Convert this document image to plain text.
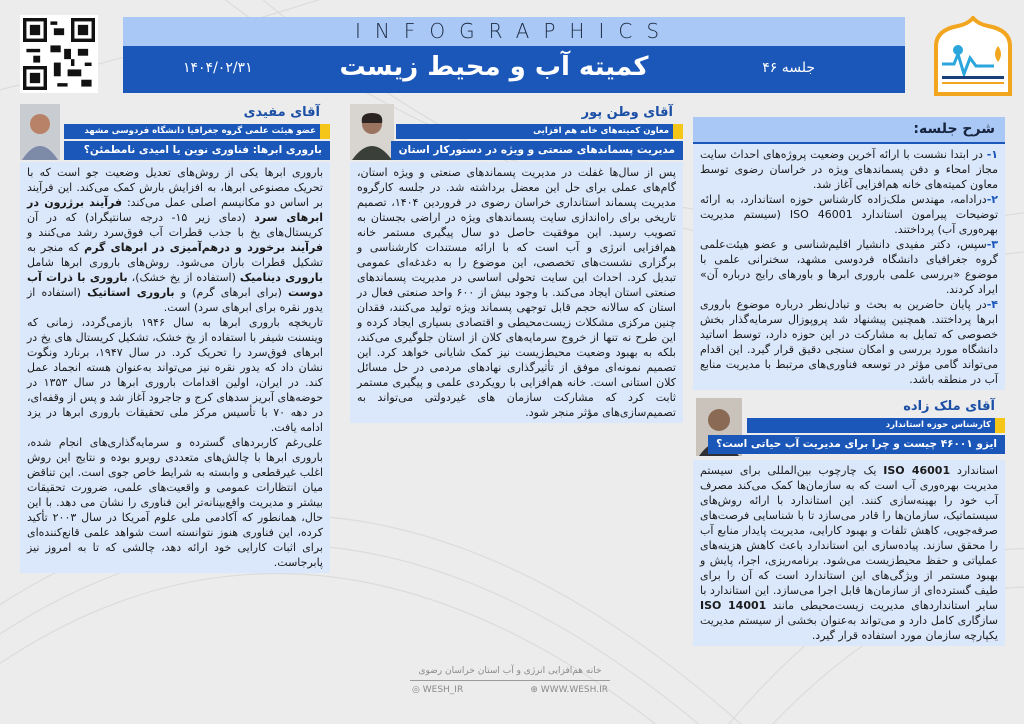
INFOGRAPHICS
۱۴۰۴/۰۲/۳۱	کمیته آب و محیط زیست	جلسه ۴۶
شرح جلسه:
۱- در ابتدا نشست با ارائه آخرین وضعیت پروژه‌های احداث سایت مجاز امحاء و دفن پسماندهای ویژه در خراسان رضوی توسط معاون کمیته‌های خانه هم‌افزایی آغاز شد.
۲-درادامه، مهندس ملک‌زاده کارشناس حوزه استاندارد، به ارائه توضیحات پیرامون استاندارد ISO 46001 (سیستم مدیریت بهره‌وری آب) پرداختند.
۳-سپس، دکتر مفیدی دانشیار اقلیم‌شناسی و عضو هیئت‌علمی گروه جغرافیای دانشگاه فردوسی مشهد، سخنرانی علمی با موضوع «بررسی علمی باروری ابرها و باورهای رایج درباره آن» ایراد کردند.
۴-در پایان حاضرین به بحث و تبادل‌نظر درباره موضوع باروری ابرها پرداختند. همچنین پیشنهاد شد پروپوزال سرمایه‌گذار بخش خصوصی که تمایل به مشارکت در این حوزه دارد، توسط اساتید دانشگاه مورد بررسی و امکان سنجی دقیق قرار گیرد. این اقدام می‌تواند گامی مؤثر در توسعه فناوری‌های مرتبط با مدیریت منابع آب در منطقه باشد.
آقای ملک زاده
کارشناس حوزه استاندارد
ایزو ۴۶۰۰۱ چیست و چرا برای مدیریت آب حیاتی است؟

استاندارد ISO 46001 یک چارچوب بین‌المللی برای سیستم مدیریت بهره‌وری آب است که به سازمان‌ها کمک می‌کند مصرف آب خود را بهینه‌سازی کنند. این استاندارد با ارائه روش‌های سیستماتیک، سازمان‌ها را قادر می‌سازد تا با شناسایی فرصت‌های صرفه‌جویی، کاهش تلفات و بهبود کارایی، مدیریت پایدار منابع آب را محقق سازند. پیاده‌سازی این استاندارد باعث کاهش هزینه‌های عملیاتی و حفظ محیط‌زیست می‌شود. برنامه‌ریزی، اجرا، پایش و بهبود مستمر از ویژگی‌های این استاندارد است که آن را برای طیف گسترده‌ای از سازمان‌ها قابل اجرا می‌سازد. این استاندارد با سایر استانداردهای مدیریت زیست‌محیطی مانند ISO 14001 سازگاری کامل دارد و می‌تواند به‌عنوان بخشی از سیستم مدیریت یکپارچه سازمان مورد استفاده قرار گیرد.

آقای وطن پور
معاون کمیته‌های خانه هم افزایی
مدیریت پسماندهای صنعتی و ویژه در دستورکار استان

پس از سال‌ها غفلت در مدیریت پسماندهای صنعتی و ویژه استان، گام‌های عملی برای حل این معضل برداشته شد. در جلسه کارگروه مدیریت پسماند استانداری خراسان رضوی در فروردین ۱۴۰۴، تصمیم تاریخی برای راه‌اندازی سایت پسماندهای ویژه در اراضی بجستان به تصویب رسید. این موفقیت حاصل دو سال پیگیری مستمر خانه هم‌افزایی انرژی و آب است که با ارائه مستندات کارشناسی و برگزاری نشست‌های تخصصی، این موضوع را به دغدغه‌ای عمومی تبدیل کرد. احداث این سایت تحولی اساسی در مدیریت پسماندهای صنعتی استان ایجاد می‌کند. با وجود بیش از ۶۰۰ واحد صنعتی فعال در استان که سالانه حجم قابل توجهی پسماند ویژه تولید می‌کنند، فقدان چنین مرکزی مشکلات زیست‌محیطی و اقتصادی بسیاری ایجاد کرده و این طرح نه تنها از خروج سرمایه‌های کلان از استان جلوگیری می‌کند، بلکه به بهبود وضعیت محیط‌زیست نیز کمک شایانی خواهد کرد. این تصمیم نمونه‌ای موفق از تأثیرگذاری نهادهای مردمی در حل مسائل کلان استانی است. خانه هم‌افزایی با رویکردی علمی و پیگیری مستمر ثابت کرد که مشارکت سازمان های غیردولتی می‌تواند به تصمیم‌سازی‌های مؤثر منجر شود.

آقای مفیدی
عضو هیئت علمی گروه جغرافیا دانشگاه فردوسی مشهد
باروری ابرها: فناوری نوین یا امیدی نامطمئن؟

باروری ابرها یکی از روش‌های تعدیل وضعیت جو است که با تحریک مصنوعی ابرها، به افزایش بارش کمک می‌کند. این فرآیند بر اساس دو مکانیسم اصلی عمل می‌کند: فرآیند برژرون در ابرهای سرد (دمای زیر ۱۵- درجه سانتیگراد) که در آن کریستال‌های یخ با جذب قطرات آب فوق‌سرد رشد می‌کنند و فرآیند برخورد و درهم‌آمیزی در ابرهای گرم که منجر به تشکیل قطرات باران می‌شود. روش‌های باروری ابرها شامل باروری دینامیک (استفاده از یخ خشک)، باروری با ذرات آب دوست (برای ابرهای گرم) و باروری استاتیک (استفاده از یدور نقره برای ابرهای سرد) است.

تاریخچه باروری ابرها به سال ۱۹۴۶ بازمی‌گردد، زمانی که وینسنت شیفر با استفاده از یخ خشک، تشکیل کریستال های یخ در ابرهای فوق‌سرد را تحریک کرد. در سال ۱۹۴۷، برنارد ونگوت نشان داد که یدور نقره نیز می‌تواند به‌عنوان هسته انجماد عمل کند. در ایران، اولین اقدامات باروری ابرها در سال ۱۳۵۳ در حوضه‌های آبریز سدهای کرج و جاجرود آغاز شد و پس از وقفه‌ای، در دهه ۷۰ با تأسیس مرکز ملی تحقیقات باروری ابرها در یزد ادامه یافت.

علی‌رغم کاربردهای گسترده و سرمایه‌گذاری‌های انجام شده، باروری ابرها با چالش‌های متعددی روبرو بوده و نتایج این روش اغلب غیرقطعی و وابسته به شرایط خاص جوی است. این تناقض میان انتظارات عمومی و واقعیت‌های علمی، ضرورت تحقیقات بیشتر و مدیریت واقع‌بینانه‌تر این فناوری را نشان می دهد. با این حال، همانطور که آکادمی ملی علوم آمریکا در سال ۲۰۰۳ تأکید کرده، این فناوری هنوز نتوانسته است شواهد علمی قانع‌کننده‌ای برای اثبات کارایی خود ارائه دهد، چالشی که تا به امروز نیز پابرجاست.

خانه هم‌افزایی انرژی و آب استان خراسان رضوی
◎ WESH_IR	⊕ WWW.WESH.IR
